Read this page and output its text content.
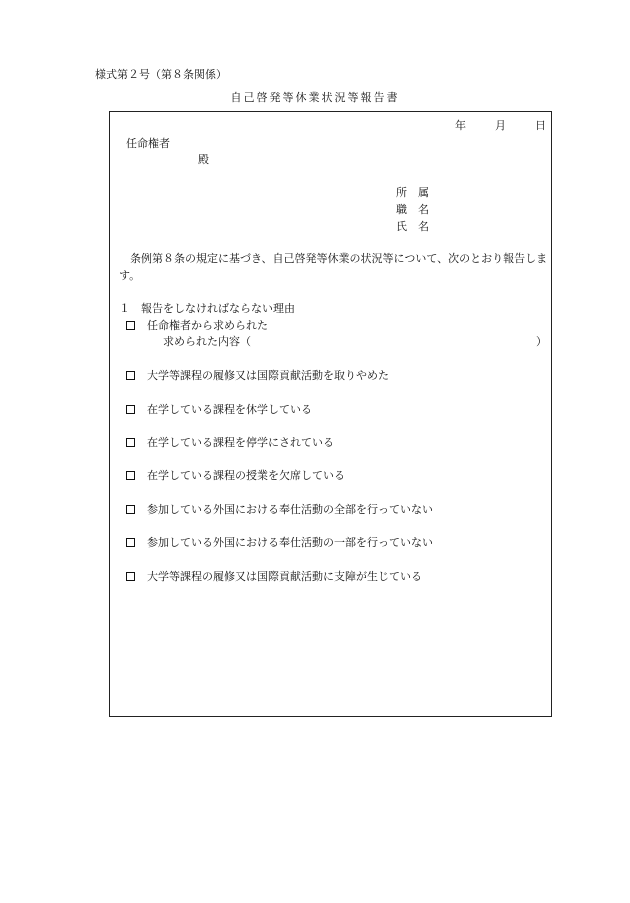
様式第２号（第８条関係）
自己啓発等休業状況等報告書
年	月	日
任命権者
殿
所　属
職　名
氏　名
　条例第８条の規定に基づき、自己啓発等休業の状況等について、次のとおり報告します。
１　報告をしなければならない理由
任命権者から求められた
求められた内容（	）
大学等課程の履修又は国際貢献活動を取りやめた
在学している課程を休学している
在学している課程を停学にされている
在学している課程の授業を欠席している
参加している外国における奉仕活動の全部を行っていない
参加している外国における奉仕活動の一部を行っていない
大学等課程の履修又は国際貢献活動に支障が生じている
